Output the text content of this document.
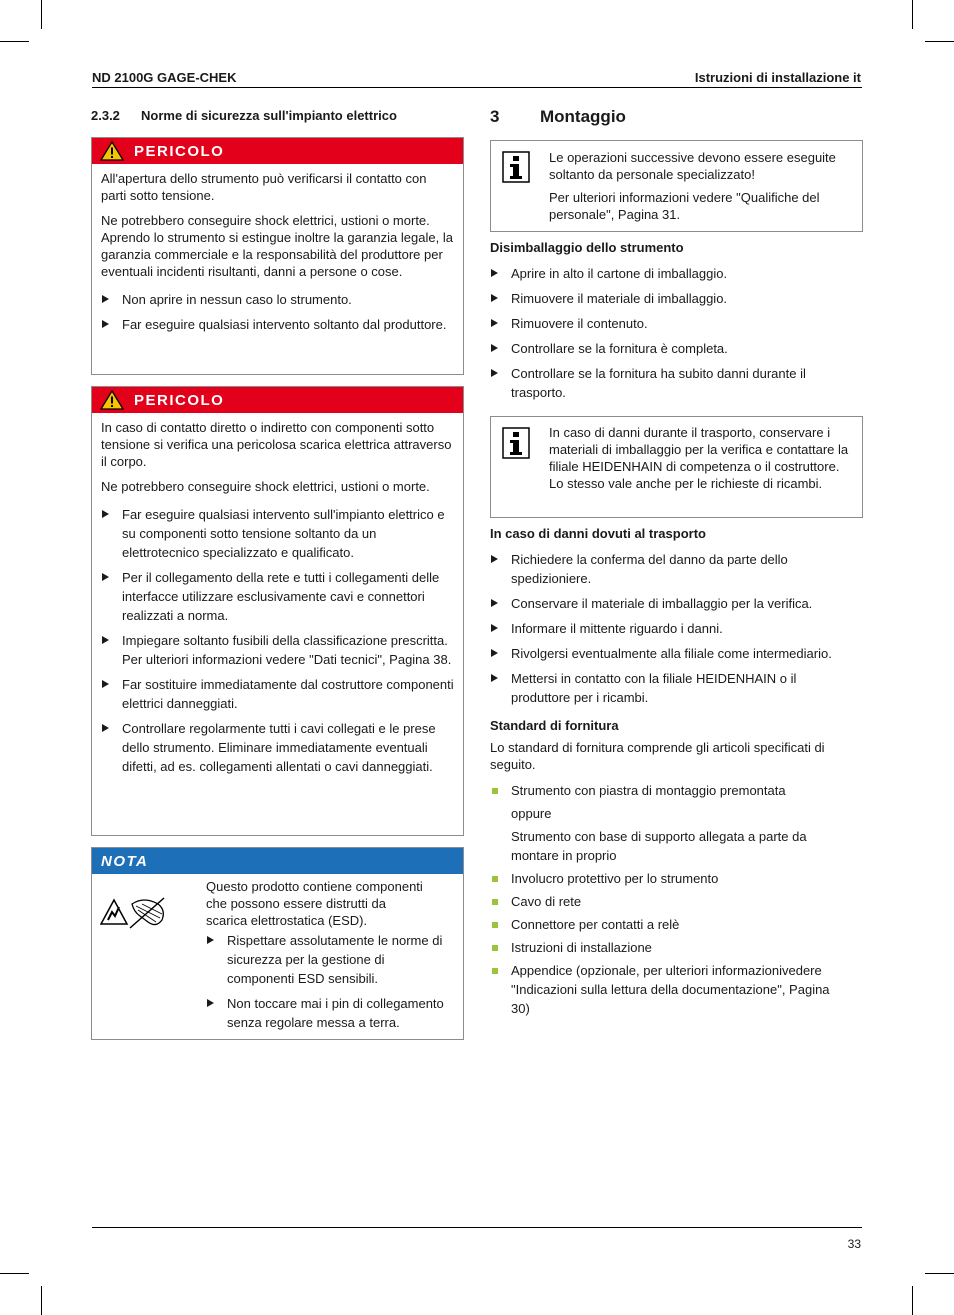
ND 2100G GAGE-CHEK	Istruzioni di installazione it
2.3.2 Norme di sicurezza sull'impianto elettrico
PERICOLO

All'apertura dello strumento può verificarsi il contatto con parti sotto tensione.

Ne potrebbero conseguire shock elettrici, ustioni o morte. Aprendo lo strumento si estingue inoltre la garanzia legale, la garanzia commerciale e la responsabilità del produttore per eventuali incidenti risultanti, danni a persone o cose.

Non aprire in nessun caso lo strumento.
Far eseguire qualsiasi intervento soltanto dal produttore.
PERICOLO

In caso di contatto diretto o indiretto con componenti sotto tensione si verifica una pericolosa scarica elettrica attraverso il corpo.

Ne potrebbero conseguire shock elettrici, ustioni o morte.

Far eseguire qualsiasi intervento sull'impianto elettrico e su componenti sotto tensione soltanto da un elettrotecnico specializzato e qualificato.
Per il collegamento della rete e tutti i collegamenti delle interfacce utilizzare esclusivamente cavi e connettori realizzati a norma.
Impiegare soltanto fusibili della classificazione prescritta. Per ulteriori informazioni vedere "Dati tecnici", Pagina 38.
Far sostituire immediatamente dal costruttore componenti elettrici danneggiati.
Controllare regolarmente tutti i cavi collegati e le prese dello strumento. Eliminare immediatamente eventuali difetti, ad es. collegamenti allentati o cavi danneggiati.
NOTA
Questo prodotto contiene componenti che possono essere distrutti da scarica elettrostatica (ESD).
Rispettare assolutamente le norme di sicurezza per la gestione di componenti ESD sensibili.
Non toccare mai i pin di collegamento senza regolare messa a terra.
3 Montaggio

Le operazioni successive devono essere eseguite soltanto da personale specializzato!

Per ulteriori informazioni vedere "Qualifiche del personale", Pagina 31.

Disimballaggio dello strumento
Aprire in alto il cartone di imballaggio.
Rimuovere il materiale di imballaggio.
Rimuovere il contenuto.
Controllare se la fornitura è completa.
Controllare se la fornitura ha subito danni durante il trasporto.

In caso di danni durante il trasporto, conservare i materiali di imballaggio per la verifica e contattare la filiale HEIDENHAIN di competenza o il costruttore. Lo stesso vale anche per le richieste di ricambi.

In caso di danni dovuti al trasporto
Richiedere la conferma del danno da parte dello spedizioniere.
Conservare il materiale di imballaggio per la verifica.
Informare il mittente riguardo i danni.
Rivolgersi eventualmente alla filiale come intermediario.
Mettersi in contatto con la filiale HEIDENHAIN o il produttore per i ricambi.
Standard di fornitura
Lo standard di fornitura comprende gli articoli specificati di seguito.
Strumento con piastra di montaggio premontata
oppure
Strumento con base di supporto allegata a parte da montare in proprio
Involucro protettivo per lo strumento
Cavo di rete
Connettore per contatti a relè
Istruzioni di installazione
Appendice (opzionale, per ulteriori informazionivedere "Indicazioni sulla lettura della documentazione", Pagina 30)
33
